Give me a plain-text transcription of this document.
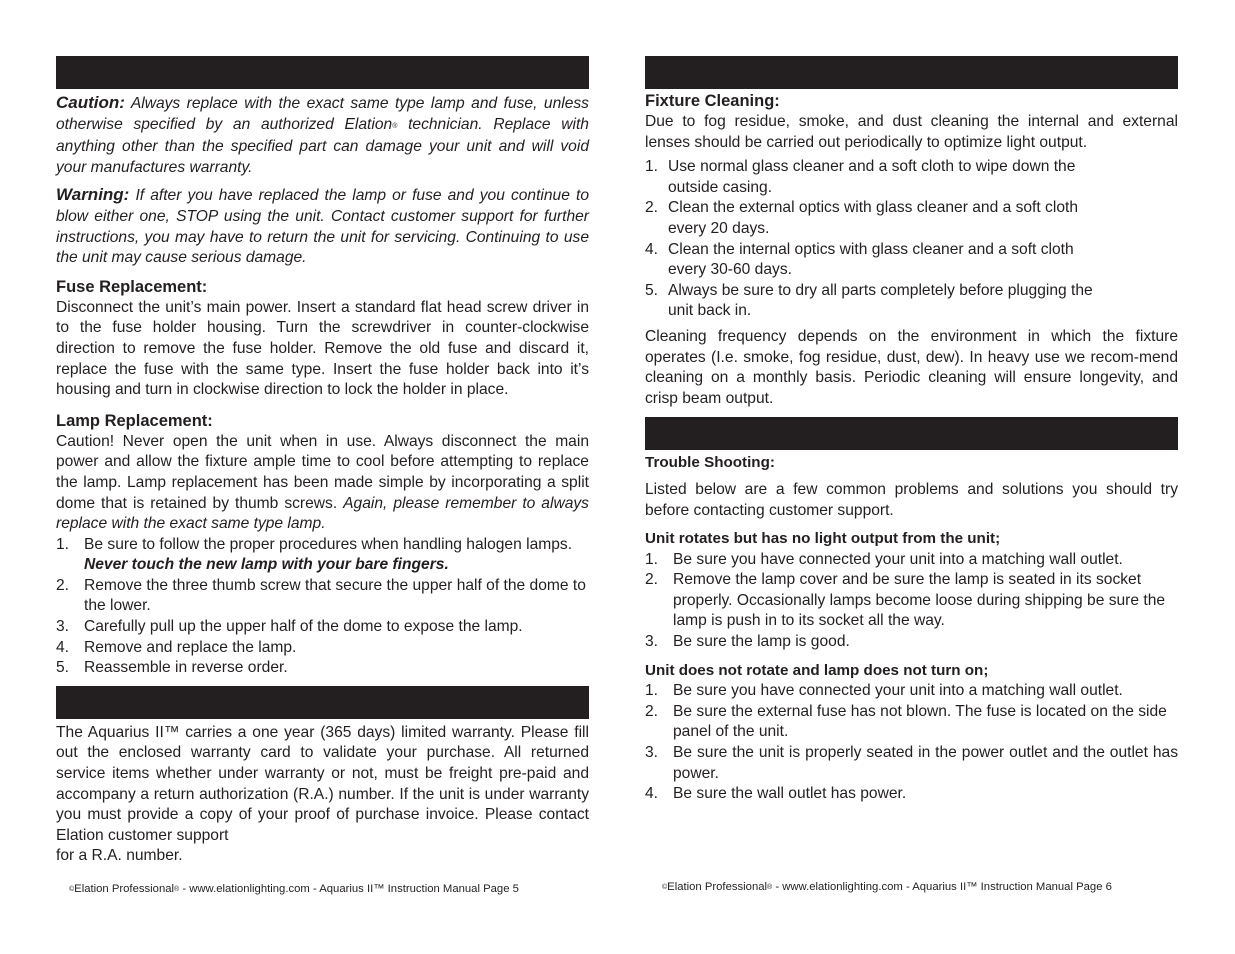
Caution: Always replace with the exact same type lamp and fuse, unless otherwise specified by an authorized Elation® technician. Replace with anything other than the specified part can damage your unit and will void your manufactures warranty.

Warning: If after you have replaced the lamp or fuse and you continue to blow either one, STOP using the unit. Contact customer support for further instructions, you may have to return the unit for servicing. Continuing to use the unit may cause serious damage.

Fuse Replacement:

Disconnect the unit’s main power. Insert a standard flat head screw driver in to the fuse holder housing. Turn the screwdriver in counter-clockwise direction to remove the fuse holder. Remove the old fuse and discard it, replace the fuse with the same type. Insert the fuse holder back into it’s housing and turn in clockwise direction to lock the holder in place.

Lamp Replacement:

Caution! Never open the unit when in use. Always disconnect the main power and allow the fixture ample time to cool before attempting to replace the lamp. Lamp replacement has been made simple by incorporating a split dome that is retained by thumb screws. Again, please remember to always replace with the exact same type lamp.

1. Be sure to follow the proper procedures when handling halogen lamps. Never touch the new lamp with your bare fingers.
2. Remove the three thumb screw that secure the upper half of the dome to the lower.
3. Carefully pull up the upper half of the dome to expose the lamp.
4. Remove and replace the lamp.
5. Reassemble in reverse order.

The Aquarius II™ carries a one year (365 days) limited warranty. Please fill out the enclosed warranty card to validate your purchase. All returned service items whether under warranty or not, must be freight pre-paid and accompany a return authorization (R.A.) number. If the unit is under warranty you must provide a copy of your proof of purchase invoice. Please contact Elation customer support

for a R.A. number.

©Elation Professional® - www.elationlighting.com - Aquarius II™ Instruction Manual Page 5

Fixture Cleaning:

Due to fog residue, smoke, and dust cleaning the internal and external lenses should be carried out periodically to optimize light output.

1. Use normal glass cleaner and a soft cloth to wipe down the outside casing.
2. Clean the external optics with glass cleaner and a soft cloth every 20 days.
4. Clean the internal optics with glass cleaner and a soft cloth every 30-60 days.
5. Always be sure to dry all parts completely before plugging the unit back in.

Cleaning frequency depends on the environment in which the fixture operates (I.e. smoke, fog residue, dust, dew). In heavy use we recom-mend cleaning on a monthly basis. Periodic cleaning will ensure longevity, and crisp beam output.

Trouble Shooting:

Listed below are a few common problems and solutions you should try before contacting customer support.

Unit rotates but has no light output from the unit;

1. Be sure you have connected your unit into a matching wall outlet.
2. Remove the lamp cover and be sure the lamp is seated in its socket properly. Occasionally lamps become loose during shipping be sure the lamp is push in to its socket all the way.
3. Be sure the lamp is good.

Unit does not rotate and lamp does not turn on;

1. Be sure you have connected your unit into a matching wall outlet.
2. Be sure the external fuse has not blown. The fuse is located on the side panel of the unit.
3. Be sure the unit is properly seated in the power outlet and the outlet has power.
4. Be sure the wall outlet has power.
©Elation Professional® - www.elationlighting.com - Aquarius II™ Instruction Manual Page 6
